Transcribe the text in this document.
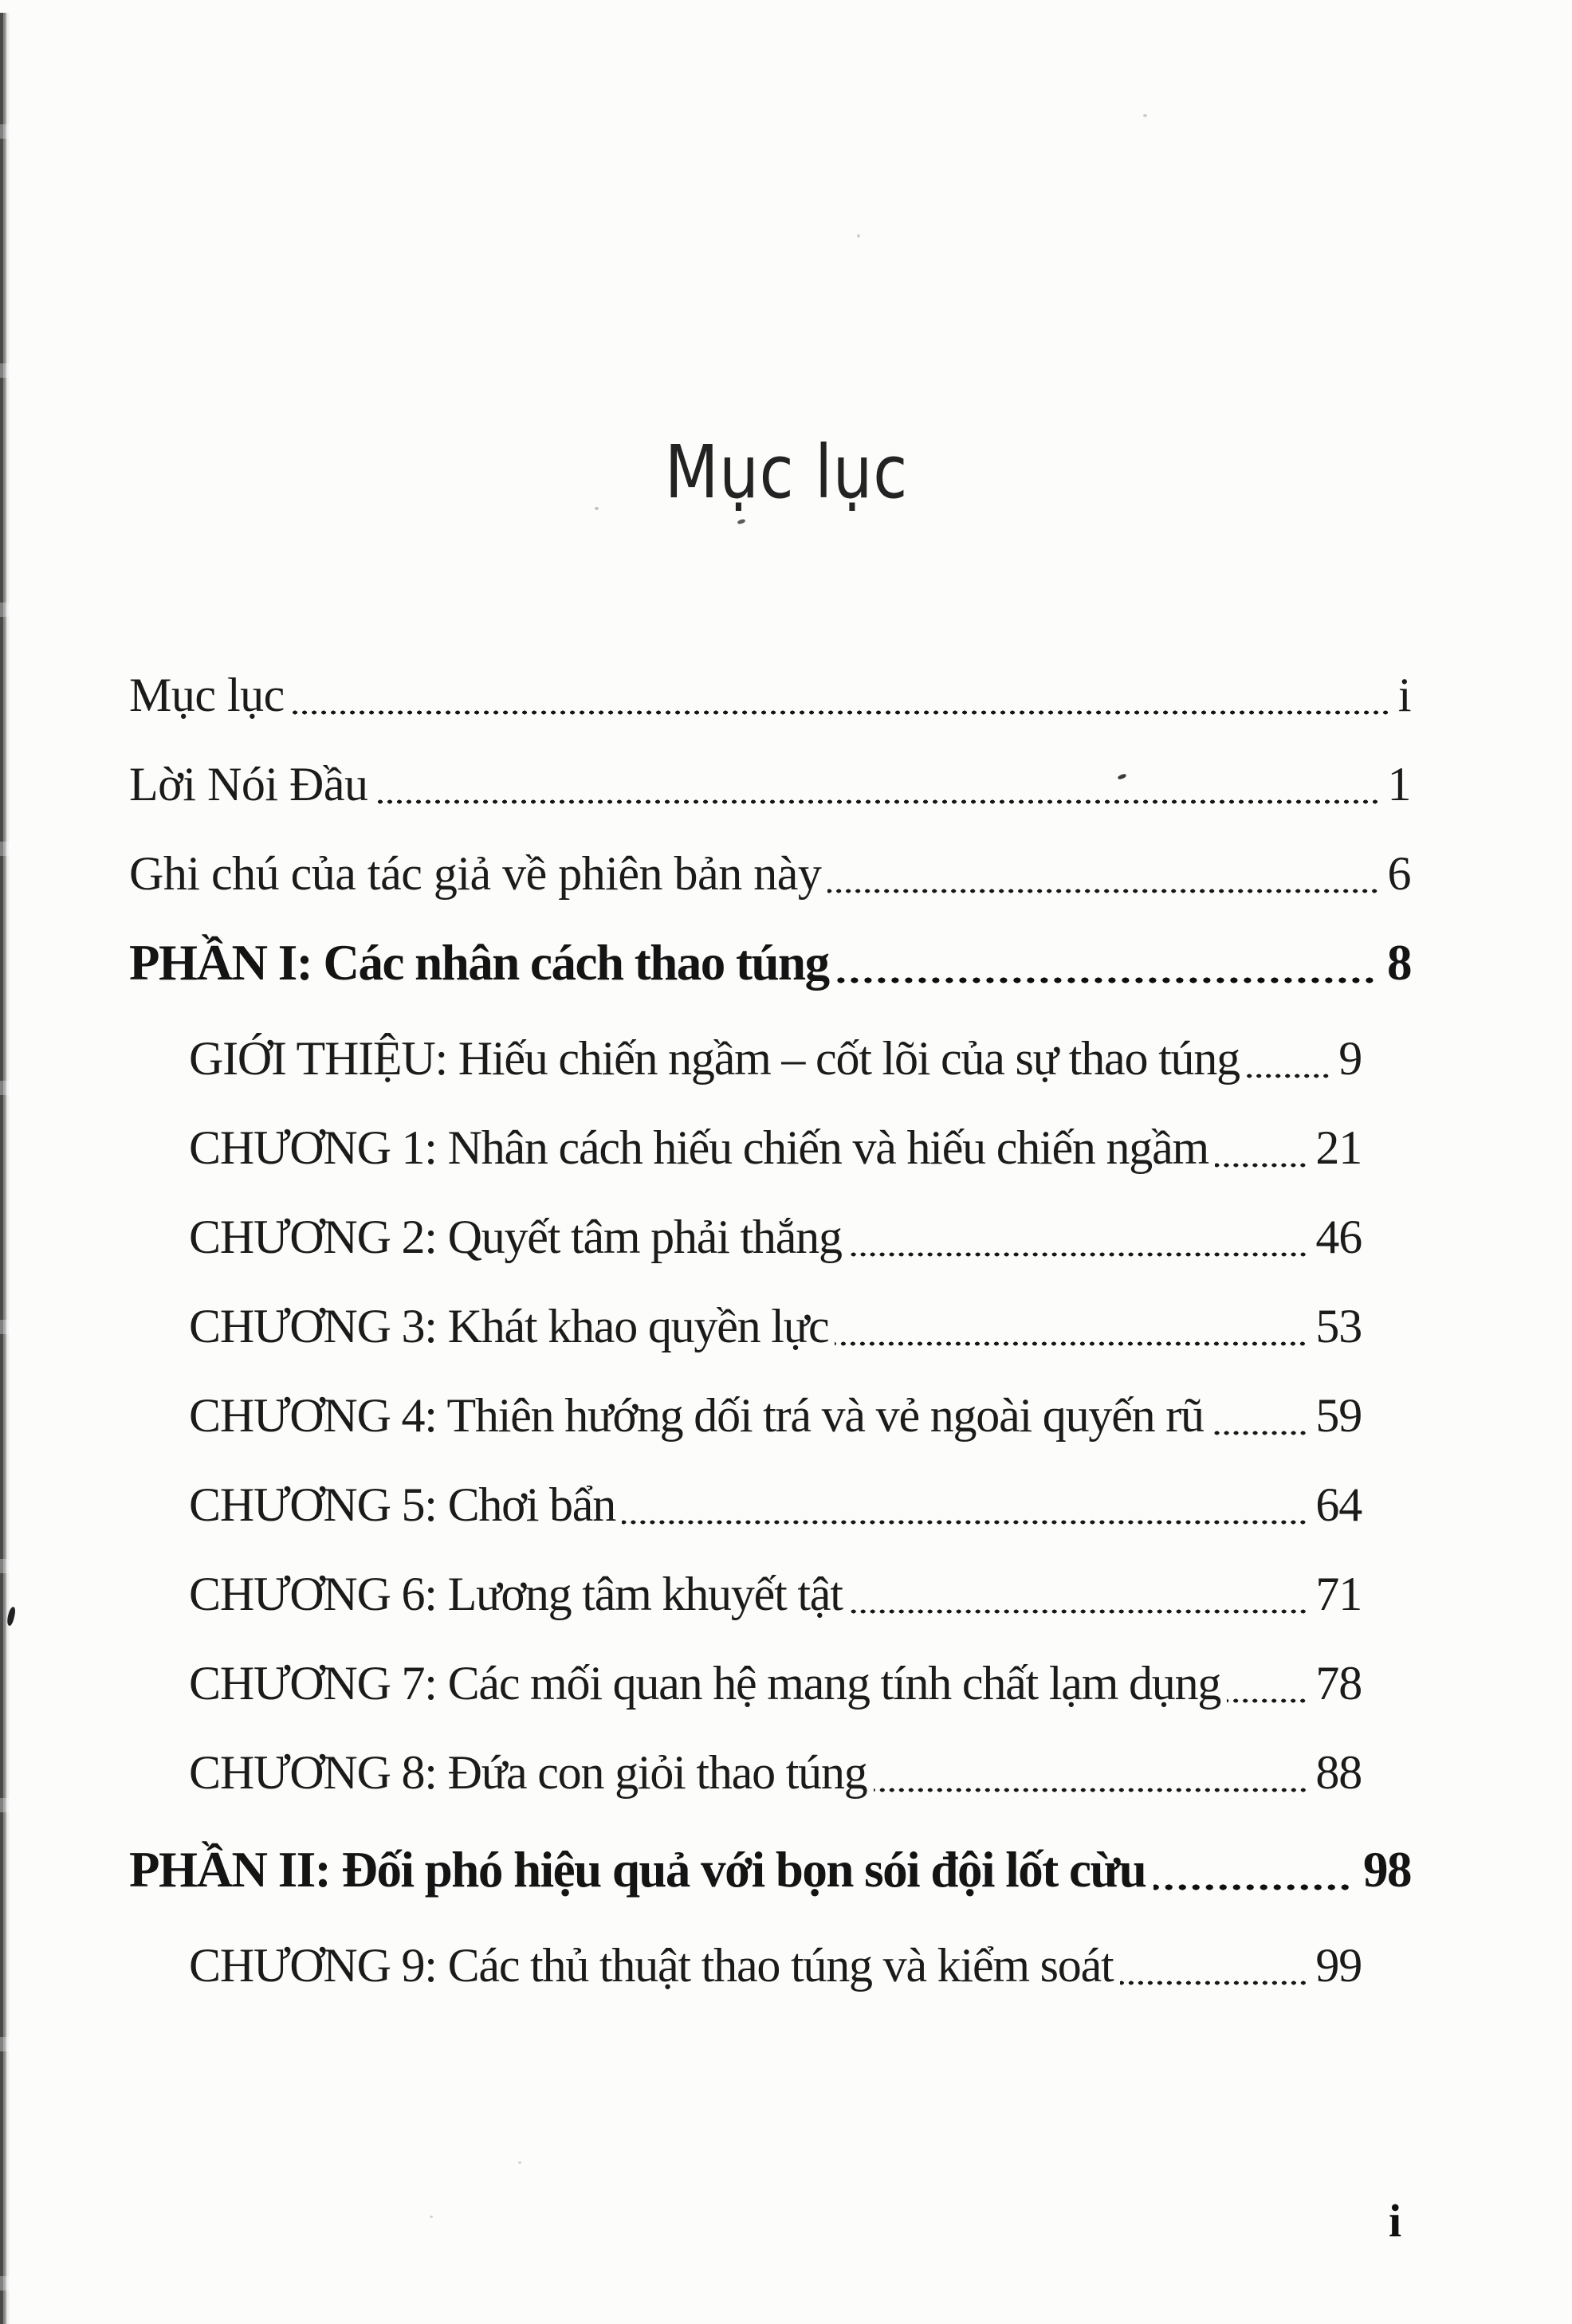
Mục lục
Mục lục	i
Lời Nói Đầu	1
Ghi chú của tác giả về phiên bản này	6
PHẦN I: Các nhân cách thao túng	8
GIỚI THIỆU: Hiếu chiến ngầm – cốt lõi của sự thao túng 9
CHƯƠNG 1: Nhân cách hiếu chiến và hiếu chiến ngầm 21
CHƯƠNG 2: Quyết tâm phải thắng	46
CHƯƠNG 3: Khát khao quyền lực	53
CHƯƠNG 4: Thiên hướng dối trá và vẻ ngoài quyến rũ 59
CHƯƠNG 5: Chơi bẩn	64
CHƯƠNG 6: Lương tâm khuyết tật	71
CHƯƠNG 7: Các mối quan hệ mang tính chất lạm dụng 78
CHƯƠNG 8: Đứa con giỏi thao túng	88
PHẦN II: Đối phó hiệu quả với bọn sói đội lốt cừu	98
CHƯƠNG 9: Các thủ thuật thao túng và kiểm soát	99
i
